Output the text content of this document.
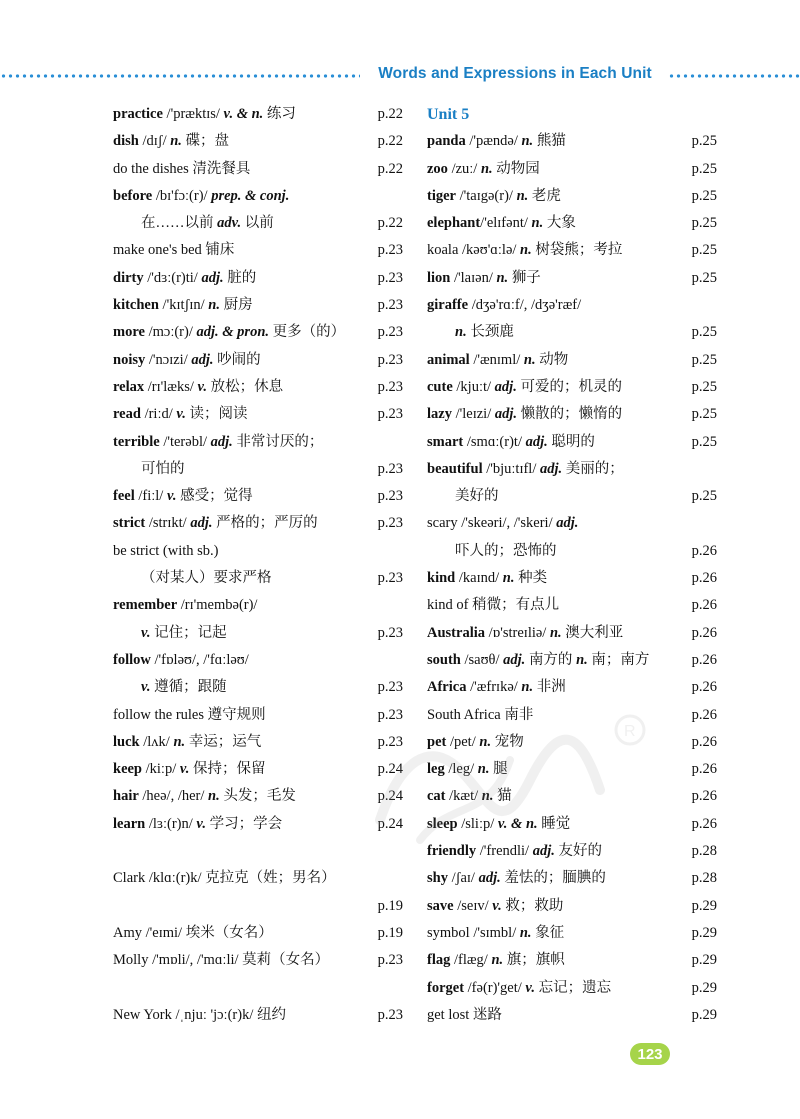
Words and Expressions in Each Unit
practice /'præktɪs/ v. & n. 练习	p.22
dish /dɪʃ/ n. 碟；盘	p.22
do the dishes 清洗餐具	p.22
before /bɪ'fɔː(r)/ prep. & conj.
在……以前 adv. 以前	p.22
make one's bed 铺床	p.23
dirty /'dɜː(r)ti/ adj. 脏的	p.23
kitchen /'kɪtʃɪn/ n. 厨房	p.23
more /mɔː(r)/ adj. & pron. 更多（的） p.23
noisy /'nɔɪzi/ adj. 吵闹的	p.23
relax /rɪ'læks/ v. 放松；休息	p.23
read /riːd/ v. 读；阅读	p.23
terrible /'terəbl/ adj. 非常讨厌的；
可怕的	p.23
feel /fiːl/ v. 感受；觉得	p.23
strict /strɪkt/ adj. 严格的；严厉的	p.23
be strict (with sb.)
（对某人）要求严格	p.23
remember /rɪ'membə(r)/
v. 记住；记起	p.23
follow /'fɒləʊ/, /'fɑːləʊ/
v. 遵循；跟随	p.23
follow the rules 遵守规则	p.23
luck /lʌk/ n. 幸运；运气	p.23
keep /kiːp/ v. 保持；保留	p.24
hair /heə/, /her/ n. 头发；毛发	p.24
learn /lɜː(r)n/ v. 学习；学会	p.24
Clark /klɑː(r)k/ 克拉克（姓；男名）
p.19
Amy /'eɪmi/ 埃米（女名）	p.19
Molly /'mɒli/, /'mɑːli/ 莫莉（女名）	p.23
New York /ˌnjuː 'jɔː(r)k/ 纽约	p.23
Unit 5
panda /'pændə/ n. 熊猫	p.25
zoo /zuː/ n. 动物园	p.25
tiger /'taɪgə(r)/ n. 老虎	p.25
elephant/'elɪfənt/ n. 大象	p.25
koala /kəʊ'ɑːlə/ n. 树袋熊；考拉	p.25
lion /'laɪən/ n. 狮子	p.25
giraffe /dʒə'rɑːf/, /dʒə'ræf/
n. 长颈鹿	p.25
animal /'ænɪml/ n. 动物	p.25
cute /kjuːt/ adj. 可爱的；机灵的	p.25
lazy /'leɪzi/ adj. 懒散的；懒惰的	p.25
smart /smɑː(r)t/ adj. 聪明的	p.25
beautiful /'bjuːtɪfl/ adj. 美丽的；
美好的	p.25
scary /'skeəri/, /'skeri/ adj.
吓人的；恐怖的	p.26
kind /kaɪnd/ n. 种类	p.26
kind of 稍微；有点儿	p.26
Australia /ɒ'streɪliə/ n. 澳大利亚	p.26
south /saʊθ/ adj. 南方的 n. 南；南方	p.26
Africa /'æfrɪkə/ n. 非洲	p.26
South Africa 南非	p.26
pet /pet/ n. 宠物	p.26
leg /leg/ n. 腿	p.26
cat /kæt/ n. 猫	p.26
sleep /sliːp/ v. & n. 睡觉	p.26
friendly /'frendli/ adj. 友好的	p.28
shy /ʃaɪ/ adj. 羞怯的；腼腆的	p.28
save /seɪv/ v. 救；救助	p.29
symbol /'sɪmbl/ n. 象征	p.29
flag /flæg/ n. 旗；旗帜	p.29
forget /fə(r)'get/ v. 忘记；遗忘	p.29
get lost 迷路	p.29
R
123
